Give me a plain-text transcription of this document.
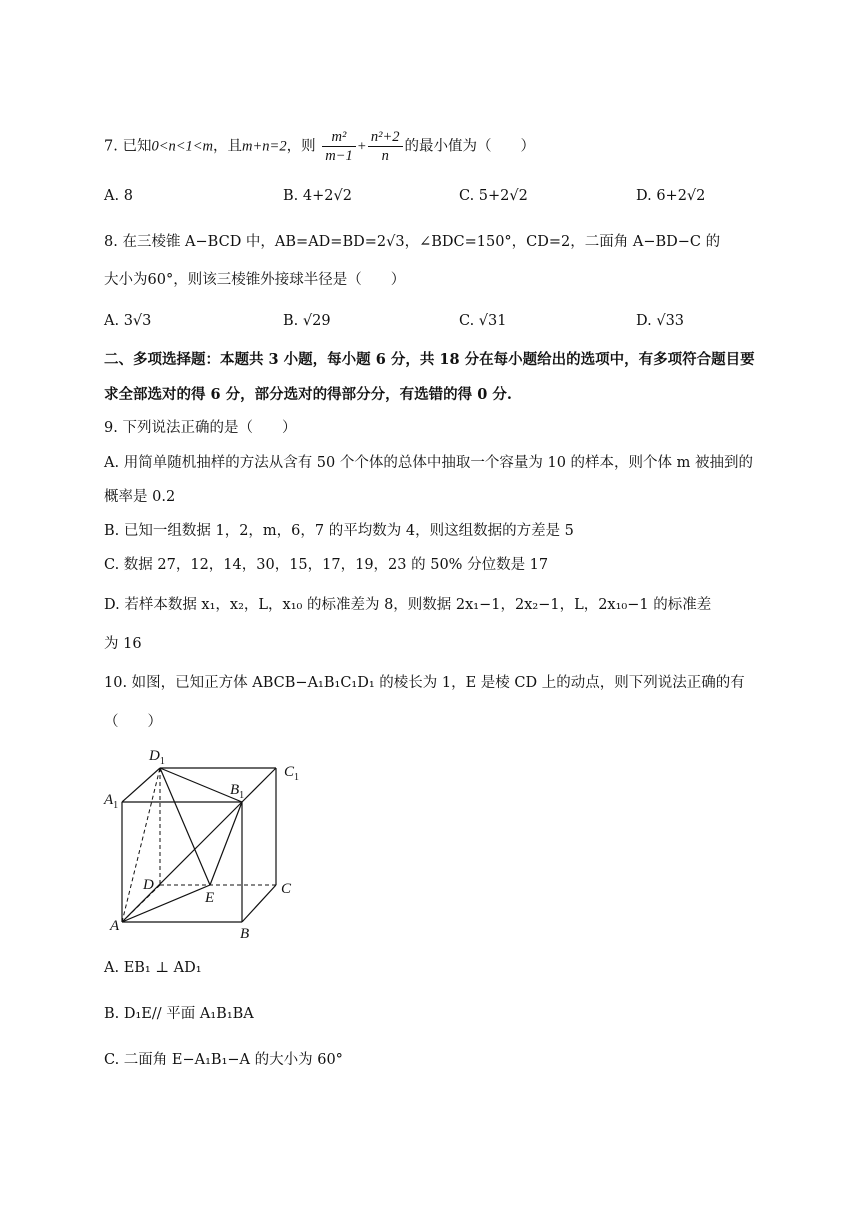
7. 已知0<n<1<m，且m+n=2，则 $\frac{\text{m²}}{m-1} + \frac{\text{n²+2}}{n}$ 的最小值为（　　）
A. 8	B. 4+2√2	C. 5+2√2	D. 6+2√2
8. 在三棱锥 A−BCD 中，AB=AD=BD=2√3，∠BDC=150°，CD=2，二面角 A−BD−C 的
大小为60°，则该三棱锥外接球半径是（　　）
A. 3√3	B. √29	C. √31	D. √33
二、多项选择题：本题共 3 小题，每小题 6 分，共 18 分在每小题给出的选项中，有多项符合题目要
求全部选对的得 6 分，部分选对的得部分分，有选错的得 0 分.
9. 下列说法正确的是（　　）
A. 用简单随机抽样的方法从含有 50 个个体的总体中抽取一个容量为 10 的样本，则个体 m 被抽到的
概率是 0.2
B. 已知一组数据 1，2，m，6，7 的平均数为 4，则这组数据的方差是 5
C. 数据 27，12，14，30，15，17，19，23 的 50% 分位数是 17
D. 若样本数据 x₁，x₂，L，x₁₀ 的标准差为 8，则数据 2x₁−1，2x₂−1，L，2x₁₀−1 的标准差
为 16
10. 如图，已知正方体 ABCB−A₁B₁C₁D₁ 的棱长为 1，E 是棱 CD 上的动点，则下列说法正确的有
（　　）
$D_1$
$C_1$
$A_1$
$B_1$
D
E
C
A	B
A. EB₁ ⊥ AD₁
B. D₁E// 平面 A₁B₁BA
C. 二面角 E−A₁B₁−A 的大小为 60°
